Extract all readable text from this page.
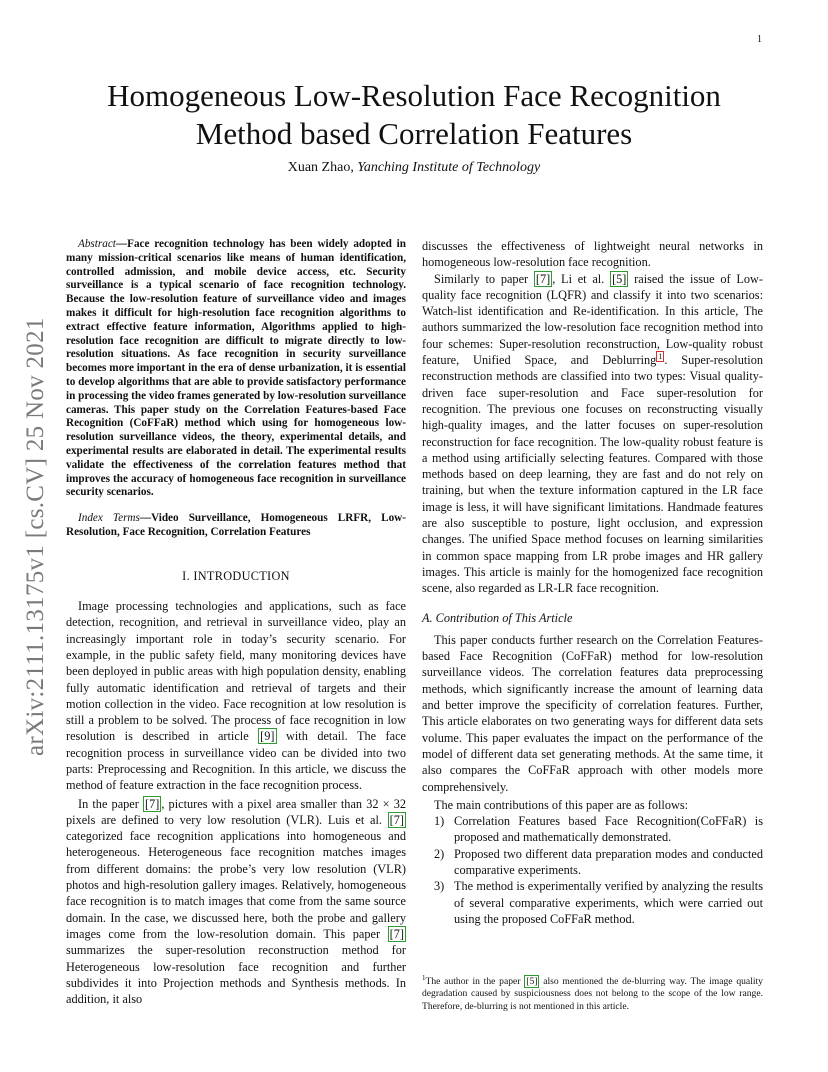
1
arXiv:2111.13175v1 [cs.CV] 25 Nov 2021
Homogeneous Low-Resolution Face Recognition
Method based Correlation Features
Xuan Zhao, Yanching Institute of Technology

Abstract—Face recognition technology has been widely adopted in many mission-critical scenarios like means of human identification, controlled admission, and mobile device access, etc. Security surveillance is a typical scenario of face recognition technology. Because the low-resolution feature of surveillance video and images makes it difficult for high-resolution face recognition algorithms to extract effective feature information, Algorithms applied to high-resolution face recognition are difficult to migrate directly to low-resolution situations. As face recognition in security surveillance becomes more important in the era of dense urbanization, it is essential to develop algorithms that are able to provide satisfactory performance in processing the video frames generated by low-resolution surveillance cameras. This paper study on the Correlation Features-based Face Recognition (CoFFaR) method which using for homogeneous low-resolution surveillance videos, the theory, experimental details, and experimental results are elaborated in detail. The experimental results validate the effectiveness of the correlation features method that improves the accuracy of homogeneous face recognition in surveillance security scenarios.

Index Terms—Video Surveillance, Homogeneous LRFR, Low-Resolution, Face Recognition, Correlation Features

I. INTRODUCTION

Image processing technologies and applications, such as face detection, recognition, and retrieval in surveillance video, play an increasingly important role in today’s security scenario. For example, in the public safety field, many monitoring devices have been deployed in public areas with high population density, enabling fully automatic identification and retrieval of targets and their motion collection in the video. Face recognition at low resolution is still a problem to be solved. The process of face recognition in low resolution is described in article [9] with detail. The face recognition process in surveillance video can be divided into two parts: Preprocessing and Recognition. In this article, we discuss the method of feature extraction in the face recognition process.

In the paper [7] , pictures with a pixel area smaller than 32 × 32 pixels are defined to very low resolution (VLR). Luis et al. [7] categorized face recognition applications into homogeneous and heterogeneous. Heterogeneous face recognition matches images from different domains: the probe’s very low resolution (VLR) photos and high-resolution gallery images. Relatively, homogeneous face recognition is to match images that come from the same source domain. In the case, we discussed here, both the probe and gallery images come from the low-resolution domain. This paper [7] summarizes the super-resolution reconstruction method for Heterogeneous low-resolution face recognition and further subdivides it into Projection methods and Synthesis methods. In addition, it also

discusses the effectiveness of lightweight neural networks in homogeneous low-resolution face recognition.

Similarly to paper [7] , Li et al. [5] raised the issue of Low-quality face recognition (LQFR) and classify it into two scenarios: Watch-list identification and Re-identification. In this article, The authors summarized the low-resolution face recognition method into four schemes: Super-resolution reconstruction, Low-quality robust feature, Unified Space, and Deblurring $^1$ . Super-resolution reconstruction methods are classified into two types: Visual quality-driven face super-resolution and Face super-resolution for recognition. The previous one focuses on reconstructing visually high-quality images, and the latter focuses on super-resolution reconstruction for face recognition. The low-quality robust feature is a method using artificially selecting features. Compared with those methods based on deep learning, they are fast and do not rely on training, but when the texture information captured in the LR face image is less, it will have significant limitations. Handmade features are also susceptible to posture, light occlusion, and expression changes. The unified Space method focuses on learning similarities in common space mapping from LR probe images and HR gallery images. This article is mainly for the homogenized face recognition scene, also regarded as LR-LR face recognition.

A. Contribution of This Article

This paper conducts further research on the Correlation Features-based Face Recognition (CoFFaR) method for low-resolution surveillance videos. The correlation features data preprocessing methods, which significantly increase the amount of learning data and better improve the specificity of correlation features. Further, This article elaborates on two generating ways for different data sets volume. This paper evaluates the impact on the performance of the model of different data set generating methods. At the same time, it also compares the CoFFaR approach with other models more comprehensively.

The main contributions of this paper are as follows:

1) Correlation Features based Face Recognition(CoFFaR) is proposed and mathematically demonstrated.
2) Proposed two different data preparation modes and conducted comparative experiments.
3) The method is experimentally verified by analyzing the results of several comparative experiments, which were carried out using the proposed CoFFaR method.
$^1$The author in the paper [5] also mentioned the de-blurring way. The image quality degradation caused by suspiciousness does not belong to the scope of the low range. Therefore, de-blurring is not mentioned in this article.
